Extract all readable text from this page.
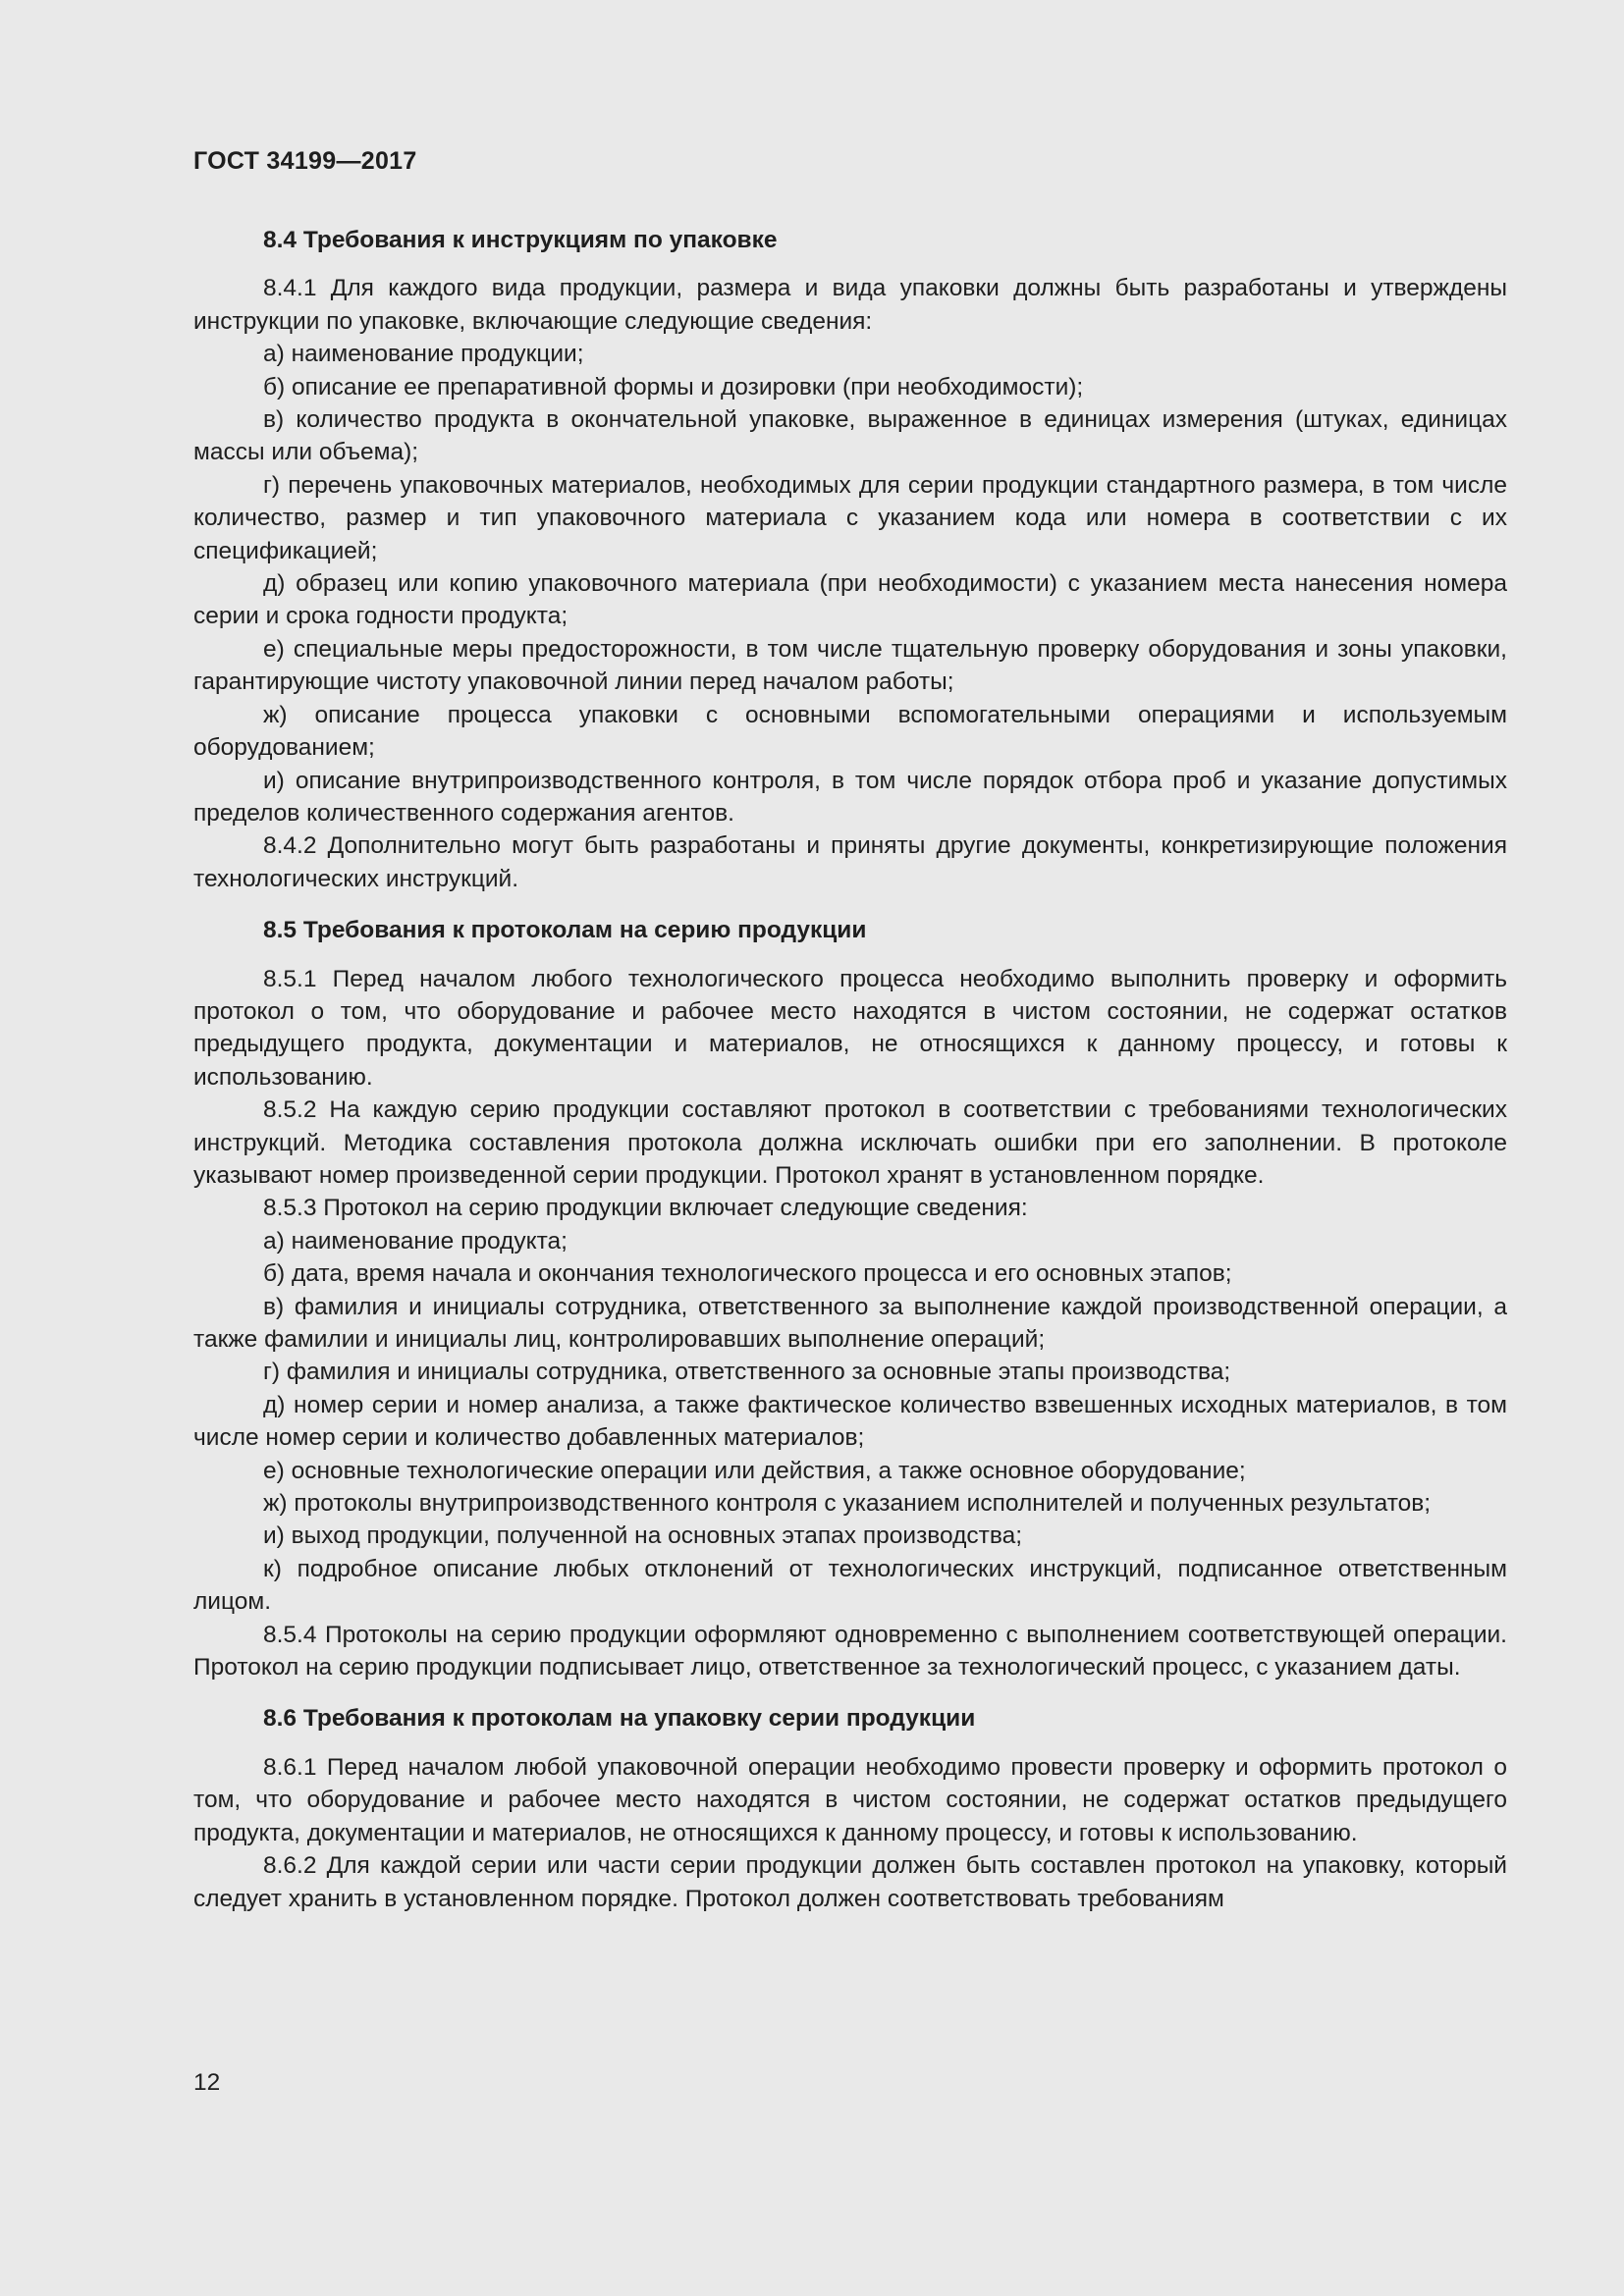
ГОСТ 34199—2017
8.4 Требования к инструкциям по упаковке

8.4.1 Для каждого вида продукции, размера и вида упаковки должны быть разработаны и утверждены инструкции по упаковке, включающие следующие сведения:

а) наименование продукции;

б) описание ее препаративной формы и дозировки (при необходимости);

в) количество продукта в окончательной упаковке, выраженное в единицах измерения (штуках, единицах массы или объема);

г) перечень упаковочных материалов, необходимых для серии продукции стандартного размера, в том числе количество, размер и тип упаковочного материала с указанием кода или номера в соответствии с их спецификацией;

д) образец или копию упаковочного материала (при необходимости) с указанием места нанесения номера серии и срока годности продукта;

е) специальные меры предосторожности, в том числе тщательную проверку оборудования и зоны упаковки, гарантирующие чистоту упаковочной линии перед началом работы;

ж) описание процесса упаковки с основными вспомогательными операциями и используемым оборудованием;

и) описание внутрипроизводственного контроля, в том числе порядок отбора проб и указание допустимых пределов количественного содержания агентов.

8.4.2 Дополнительно могут быть разработаны и приняты другие документы, конкретизирующие положения технологических инструкций.

8.5 Требования к протоколам на серию продукции

8.5.1 Перед началом любого технологического процесса необходимо выполнить проверку и оформить протокол о том, что оборудование и рабочее место находятся в чистом состоянии, не содержат остатков предыдущего продукта, документации и материалов, не относящихся к данному процессу, и готовы к использованию.

8.5.2 На каждую серию продукции составляют протокол в соответствии с требованиями технологических инструкций. Методика составления протокола должна исключать ошибки при его заполнении. В протоколе указывают номер произведенной серии продукции. Протокол хранят в установленном порядке.

8.5.3 Протокол на серию продукции включает следующие сведения:

а) наименование продукта;

б) дата, время начала и окончания технологического процесса и его основных этапов;

в) фамилия и инициалы сотрудника, ответственного за выполнение каждой производственной операции, а также фамилии и инициалы лиц, контролировавших выполнение операций;

г) фамилия и инициалы сотрудника, ответственного за основные этапы производства;

д) номер серии и номер анализа, а также фактическое количество взвешенных исходных материалов, в том числе номер серии и количество добавленных материалов;

е) основные технологические операции или действия, а также основное оборудование;

ж) протоколы внутрипроизводственного контроля с указанием исполнителей и полученных результатов;

и) выход продукции, полученной на основных этапах производства;

к) подробное описание любых отклонений от технологических инструкций, подписанное ответственным лицом.

8.5.4 Протоколы на серию продукции оформляют одновременно с выполнением соответствующей операции. Протокол на серию продукции подписывает лицо, ответственное за технологический процесс, с указанием даты.

8.6 Требования к протоколам на упаковку серии продукции

8.6.1 Перед началом любой упаковочной операции необходимо провести проверку и оформить протокол о том, что оборудование и рабочее место находятся в чистом состоянии, не содержат остатков предыдущего продукта, документации и материалов, не относящихся к данному процессу, и готовы к использованию.

8.6.2 Для каждой серии или части серии продукции должен быть составлен протокол на упаковку, который следует хранить в установленном порядке. Протокол должен соответствовать требованиям

12
